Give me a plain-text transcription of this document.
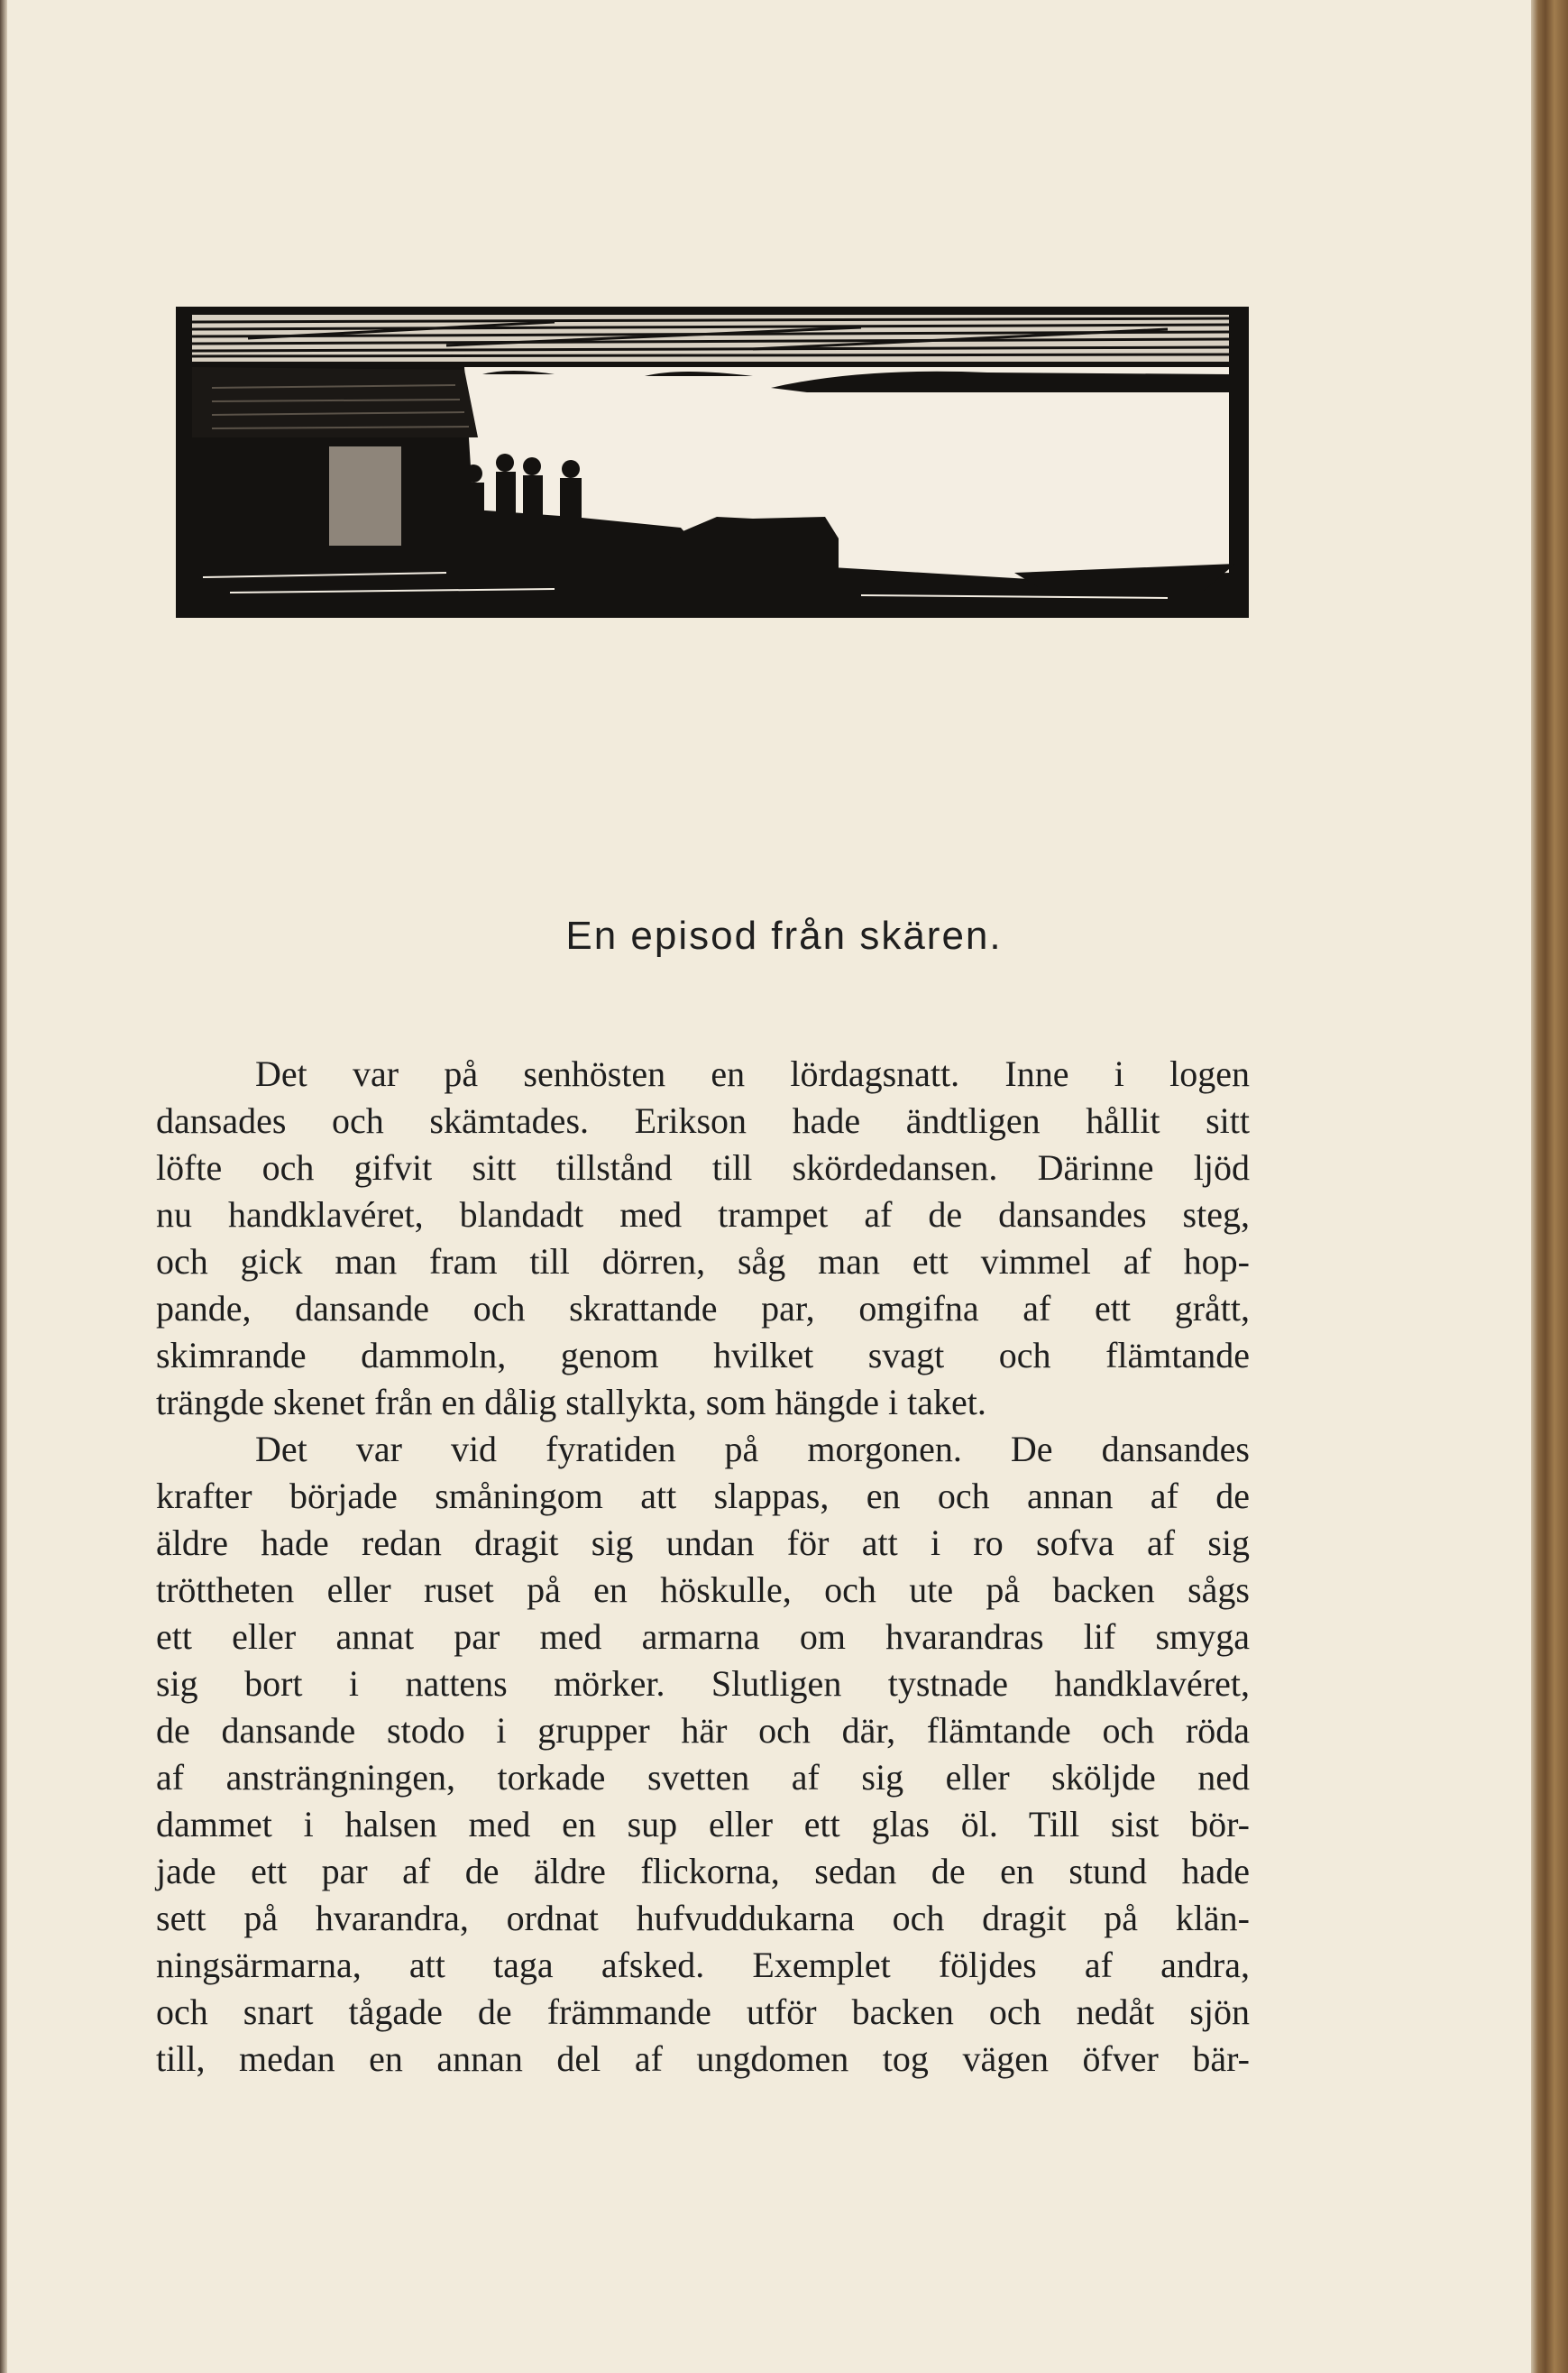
En episod från skären.
Det var på senhösten en lördagsnatt. Inne i logen
dansades och skämtades. Erikson hade ändtligen hållit sitt
löfte och gifvit sitt tillstånd till skördedansen. Därinne ljöd
nu handklavéret, blandadt med trampet af de dansandes steg,
och gick man fram till dörren, såg man ett vimmel af hop-
pande, dansande och skrattande par, omgifna af ett grått,
skimrande dammoln, genom hvilket svagt och flämtande
trängde skenet från en dålig stallykta, som hängde i taket.
Det var vid fyratiden på morgonen. De dansandes
krafter började småningom att slappas, en och annan af de
äldre hade redan dragit sig undan för att i ro sofva af sig
tröttheten eller ruset på en höskulle, och ute på backen sågs
ett eller annat par med armarna om hvarandras lif smyga
sig bort i nattens mörker. Slutligen tystnade handklavéret,
de dansande stodo i grupper här och där, flämtande och röda
af ansträngningen, torkade svetten af sig eller sköljde ned
dammet i halsen med en sup eller ett glas öl. Till sist bör-
jade ett par af de äldre flickorna, sedan de en stund hade
sett på hvarandra, ordnat hufvuddukarna och dragit på klän-
ningsärmarna, att taga afsked. Exemplet följdes af andra,
och snart tågade de främmande utför backen och nedåt sjön
till, medan en annan del af ungdomen tog vägen öfver bär-
